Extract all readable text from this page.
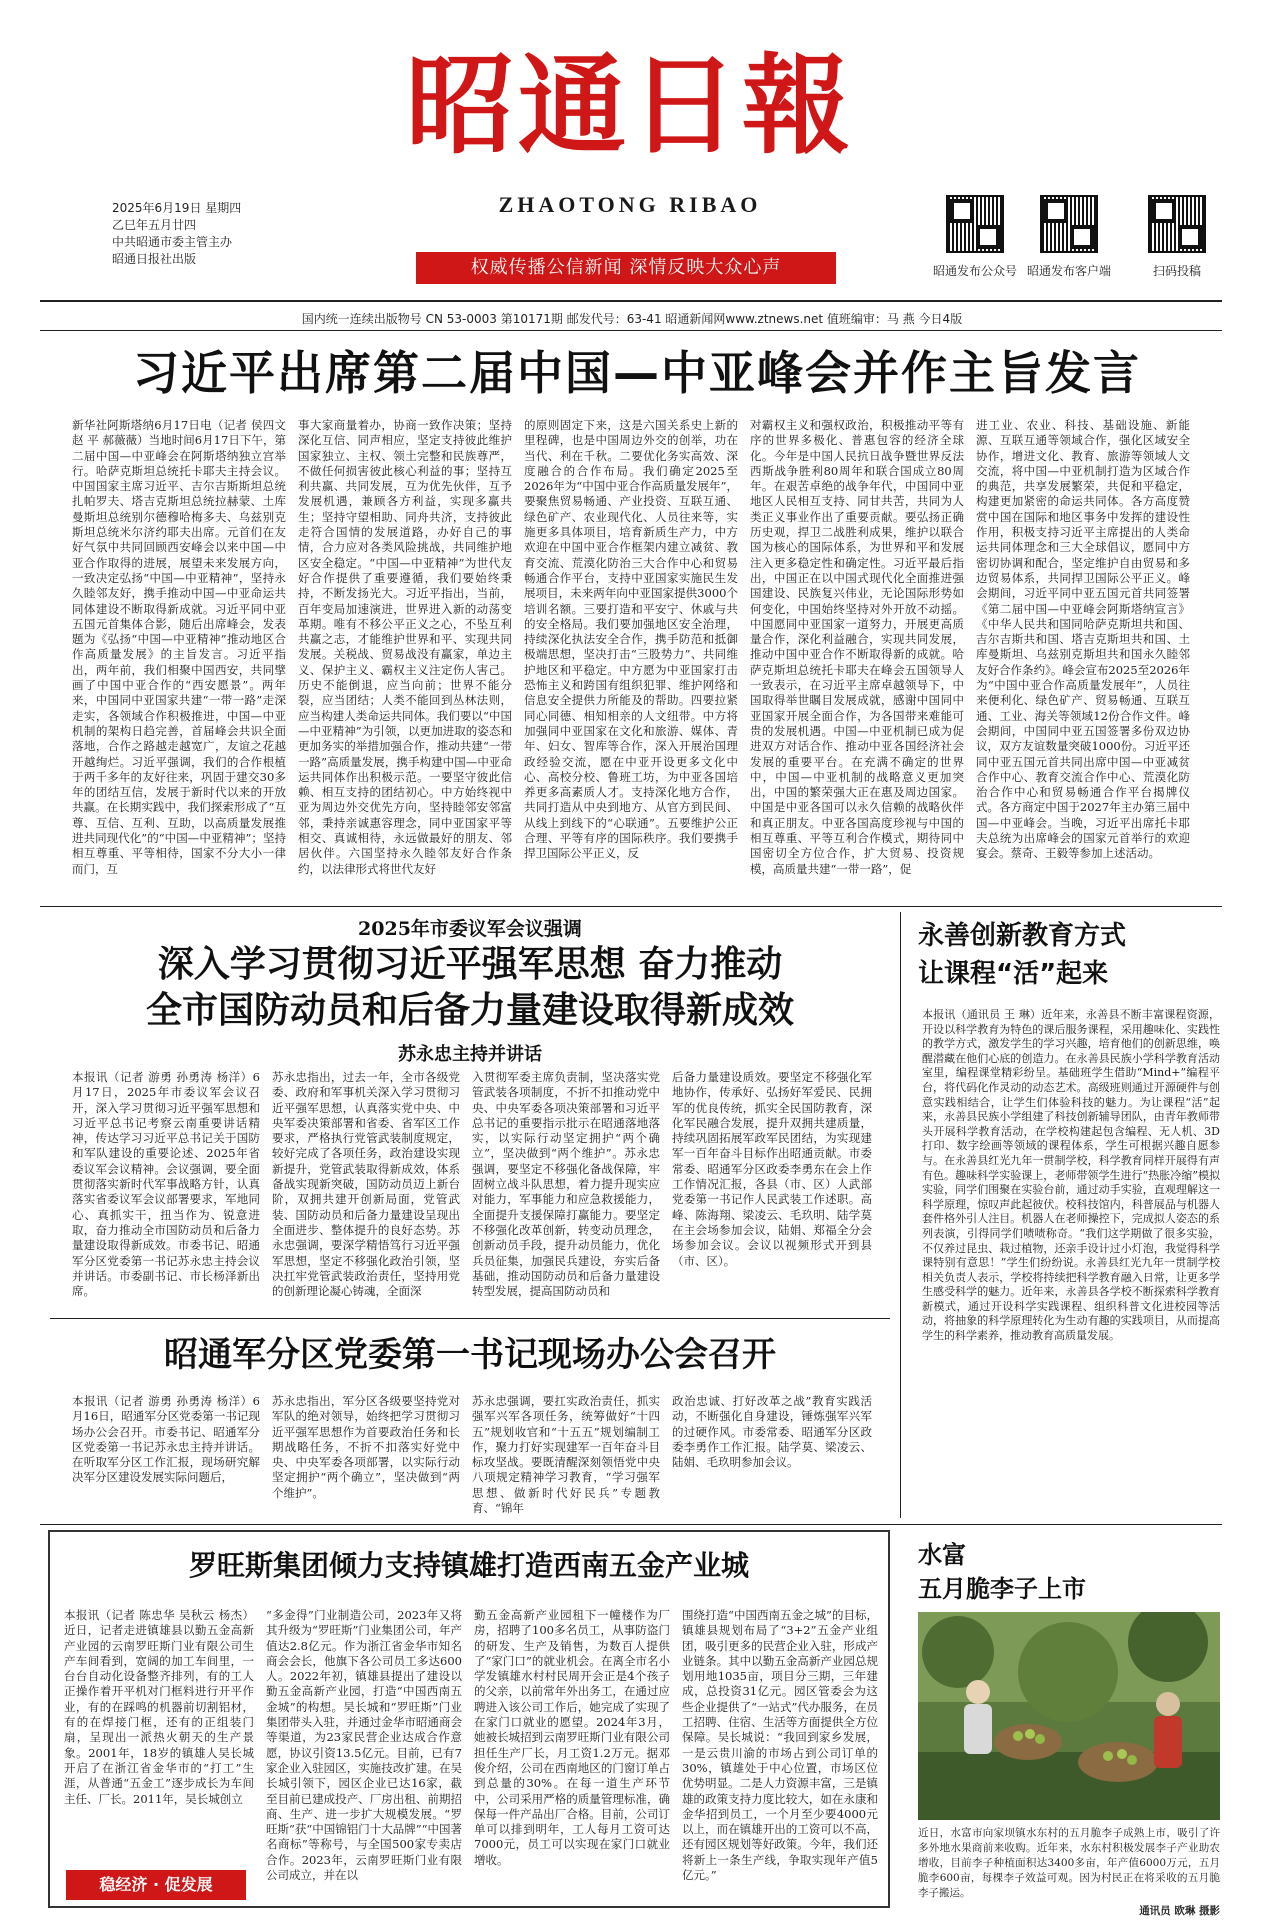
昭通日報
ZHAOTONG RIBAO
权威传播公信新闻 深情反映大众心声
2025年6月19日 星期四
乙巳年五月廿四
中共昭通市委主管主办
昭通日报社出版
昭通发布公众号 昭通发布客户端	扫码投稿
国内统一连续出版物号 CN 53-0003 第10171期 邮发代号：63-41 昭通新闻网www.ztnews.net 值班编审：马 燕 今日4版
习近平出席第二届中国—中亚峰会并作主旨发言
新华社阿斯塔纳6月17日电（记者 侯四文 赵 平 郝薇薇）当地时间6月17日下午，第二届中国—中亚峰会在阿斯塔纳独立宫举行。哈萨克斯坦总统托卡耶夫主持会议。中国国家主席习近平、吉尔吉斯斯坦总统扎帕罗夫、塔吉克斯坦总统拉赫蒙、土库曼斯坦总统别尔德穆哈梅多夫、乌兹别克斯坦总统米尔济约耶夫出席。元首们在友好气氛中共同回顾西安峰会以来中国—中亚合作取得的进展，展望未来发展方向，一致决定弘扬“中国—中亚精神”，坚持永久睦邻友好，携手推动中国—中亚命运共同体建设不断取得新成就。习近平同中亚五国元首集体合影，随后出席峰会，发表题为《弘扬“中国—中亚精神”推动地区合作高质量发展》的主旨发言。习近平指出，两年前，我们相聚中国西安，共同擘画了中国中亚合作的“西安愿景”。两年来，中国同中亚国家共建“一带一路”走深走实，各领域合作积极推进，中国—中亚机制的架构日趋完善，首届峰会共识全面落地，合作之路越走越宽广，友谊之花越开越绚烂。习近平强调，我们的合作根植于两千多年的友好往来，巩固于建交30多年的团结互信，发展于新时代以来的开放共赢。在长期实践中，我们探索形成了“互尊、互信、互利、互助，以高质量发展推进共同现代化”的“中国—中亚精神”；坚持相互尊重、平等相待，国家不分大小一律而门，互
事大家商量着办，协商一致作决策；坚持深化互信、同声相应，坚定支持彼此维护国家独立、主权、领土完整和民族尊严，不做任何损害彼此核心利益的事；坚持互利共赢、共同发展，互为优先伙伴，互予发展机遇，兼顾各方利益，实现多赢共生；坚持守望相助、同舟共济，支持彼此走符合国情的发展道路，办好自己的事情，合力应对各类风险挑战，共同维护地区安全稳定。“中国—中亚精神”为世代友好合作提供了重要遵循，我们要始终秉持，不断发扬光大。习近平指出，当前，百年变局加速演进，世界进入新的动荡变革期。唯有不移公平正义之心，不坠互利共赢之志，才能维护世界和平、实现共同发展。关税战、贸易战没有赢家，单边主义、保护主义、霸权主义注定伤人害己。历史不能倒退，应当向前；世界不能分裂，应当团结；人类不能回到丛林法则，应当构建人类命运共同体。我们要以“中国—中亚精神”为引领，以更加进取的姿态和更加务实的举措加强合作，推动共建“一带一路”高质量发展，携手构建中国—中亚命运共同体作出积极示范。一要坚守彼此信赖、相互支持的团结初心。中方始终视中亚为周边外交优先方向，坚持睦邻安邻富邻，秉持亲诚惠容理念，同中亚国家平等相交、真诚相待，永远做最好的朋友、邻居伙伴。六国坚持永久睦邻友好合作条约，以法律形式将世代友好
的原则固定下来，这是六国关系史上新的里程碑，也是中国周边外交的创举，功在当代、利在千秋。二要优化务实高效、深度融合的合作布局。我们确定2025至2026年为“中国中亚合作高质量发展年”，要聚焦贸易畅通、产业投资、互联互通、绿色矿产、农业现代化、人员往来等，实施更多具体项目，培育新质生产力，中方欢迎在中国中亚合作框架内建立减贫、教育交流、荒漠化防治三大合作中心和贸易畅通合作平台，支持中亚国家实施民生发展项目，未来两年向中亚国家提供3000个培训名额。三要打造和平安宁、休戚与共的安全格局。我们要加强地区安全治理，持续深化执法安全合作，携手防范和抵御极端思想，坚决打击“三股势力”、共同维护地区和平稳定。中方愿为中亚国家打击恐怖主义和跨国有组织犯罪、维护网络和信息安全提供力所能及的帮助。四要拉紧同心同德、相知相亲的人文纽带。中方将加强同中亚国家在文化和旅游、媒体、青年、妇女、智库等合作，深入开展治国理政经验交流，愿在中亚开设更多文化中心、高校分校、鲁班工坊，为中亚各国培养更多高素质人才。支持深化地方合作，共同打造从中央到地方、从官方到民间、从线上到线下的“心联通”。五要维护公正合理、平等有序的国际秩序。我们要携手捍卫国际公平正义，反
对霸权主义和强权政治，积极推动平等有序的世界多极化、普惠包容的经济全球化。今年是中国人民抗日战争暨世界反法西斯战争胜利80周年和联合国成立80周年。在艰苦卓绝的战争年代，中国同中亚地区人民相互支持、同甘共苦，共同为人类正义事业作出了重要贡献。要弘扬正确历史观，捍卫二战胜利成果，维护以联合国为核心的国际体系，为世界和平和发展注入更多稳定性和确定性。习近平最后指出，中国正在以中国式现代化全面推进强国建设、民族复兴伟业，无论国际形势如何变化，中国始终坚持对外开放不动摇。中国愿同中亚国家一道努力，开展更高质量合作，深化利益融合，实现共同发展，推动中国中亚合作不断取得新的成就。哈萨克斯坦总统托卡耶夫在峰会五国领导人一致表示，在习近平主席卓越领导下，中国取得举世瞩目发展成就，感谢中国同中亚国家开展全面合作，为各国带来难能可贵的发展机遇。中国—中亚机制已成为促进双方对话合作、推动中亚各国经济社会发展的重要平台。在充满不确定的世界中，中国—中亚机制的战略意义更加突出，中国的繁荣强大正在惠及周边国家。中国是中亚各国可以永久信赖的战略伙伴和真正朋友。中亚各国高度珍视与中国的相互尊重、平等互利合作模式，期待同中国密切全方位合作，扩大贸易、投资规模，高质量共建“一带一路”，促
进工业、农业、科技、基础设施、新能源、互联互通等领域合作，强化区域安全协作，增进文化、教育、旅游等领域人文交流，将中国—中亚机制打造为区域合作的典范，共享发展繁荣，共促和平稳定，构建更加紧密的命运共同体。各方高度赞赏中国在国际和地区事务中发挥的建设性作用，积极支持习近平主席提出的人类命运共同体理念和三大全球倡议，愿同中方密切协调和配合，坚定维护自由贸易和多边贸易体系，共同捍卫国际公平正义。峰会期间，习近平同中亚五国元首共同签署《第二届中国—中亚峰会阿斯塔纳宣言》《中华人民共和国同哈萨克斯坦共和国、吉尔吉斯共和国、塔吉克斯坦共和国、土库曼斯坦、乌兹别克斯坦共和国永久睦邻友好合作条约》。峰会宣布2025至2026年为“中国中亚合作高质量发展年”，人员往来便利化、绿色矿产、贸易畅通、互联互通、工业、海关等领域12份合作文件。峰会期间，中国同中亚五国签署多份双边协议，双方友谊数量突破1000份。习近平还同中亚五国元首共同出席中国—中亚减贫合作中心、教育交流合作中心、荒漠化防治合作中心和贸易畅通合作平台揭牌仪式。各方商定中国于2027年主办第三届中国—中亚峰会。当晚，习近平出席托卡耶夫总统为出席峰会的国家元首举行的欢迎宴会。蔡奇、王毅等参加上述活动。
2025年市委议军会议强调
深入学习贯彻习近平强军思想 奋力推动
全市国防动员和后备力量建设取得新成效
苏永忠主持并讲话
本报讯（记者 游勇 孙勇涛 杨洋）6月17日，2025年市委议军会议召开，深入学习贯彻习近平强军思想和习近平总书记考察云南重要讲话精神，传达学习习近平总书记关于国防和军队建设的重要论述、2025年省委议军会议精神。会议强调，要全面贯彻落实新时代军事战略方针，认真落实省委议军会议部署要求，军地同心、真抓实干，扭当作为、锐意进取，奋力推动全市国防动员和后备力量建设取得新成效。市委书记、昭通军分区党委第一书记苏永忠主持会议并讲话。市委副书记、市长杨泽新出席。
苏永忠指出，过去一年，全市各级党委、政府和军事机关深入学习贯彻习近平强军思想，认真落实党中央、中央军委决策部署和省委、省军区工作要求，严格执行党管武装制度规定，较好完成了各项任务，政治建设实现新提升，党管武装取得新成效，体系备战实现新突破，国防动员迈上新台阶，双拥共建开创新局面，党管武装、国防动员和后备力量建设呈现出全面进步、整体提升的良好态势。苏永忠强调，要深学精悟笃行习近平强军思想，坚定不移强化政治引领，坚决扛牢党管武装政治责任，坚持用党的创新理论凝心铸魂，全面深
入贯彻军委主席负责制，坚决落实党管武装各项制度，不折不扣推动党中央、中央军委各项决策部署和习近平总书记的重要指示批示在昭通落地落实，以实际行动坚定拥护“两个确立”，坚决做到“两个维护”。苏永忠强调，要坚定不移强化备战保障，牢固树立战斗队思想，着力提升现实应对能力，军事能力和应急救援能力，全面提升支援保障打赢能力。要坚定不移强化改革创新，转变动员理念，创新动员手段，提升动员能力，优化兵员征集，加强民兵建设，夯实后备基础，推动国防动员和后备力量建设转型发展，提高国防动员和
后备力量建设质效。要坚定不移强化军地协作，传承好、弘扬好军爱民、民拥军的优良传统，抓实全民国防教育，深化军民融合发展，提升双拥共建质量，持续巩固拓展军政军民团结，为实现建军一百年奋斗目标作出昭通贡献。市委常委、昭通军分区政委李勇东在会上作工作情况汇报，各县（市、区）人武部党委第一书记作人民武装工作述职。高峰、陈海翔、梁凌云、毛玖明、陆学莫在主会场参加会议，陆娟、郑福全分会场参加会议。会议以视频形式开到县（市、区）。
昭通军分区党委第一书记现场办公会召开
本报讯（记者 游勇 孙勇涛 杨洋）6月16日，昭通军分区党委第一书记现场办公会召开。市委书记、昭通军分区党委第一书记苏永忠主持并讲话。在听取军分区工作汇报，现场研究解决军分区建设发展实际问题后，
苏永忠指出，军分区各级要坚持党对军队的绝对领导，始终把学习贯彻习近平强军思想作为首要政治任务和长期战略任务，不折不扣落实好党中央、中央军委各项部署，以实际行动坚定拥护“两个确立”，坚决做到“两个维护”。
苏永忠强调，要扛实政治责任，抓实强军兴军各项任务，统筹做好“十四五”规划收官和“十五五”规划编制工作，聚力打好实现建军一百年奋斗目标攻坚战。要既清醒深刻领悟党中央八项规定精神学习教育，“学习强军思想、做新时代好民兵”专题教育、“锦年
政治忠诚、打好改革之战”教育实践活动，不断强化自身建设，锤炼强军兴军的过硬作风。市委常委、昭通军分区政委李勇作工作汇报。陆学莫、梁凌云、陆娟、毛玖明参加会议。
永善创新教育方式
让课程“活”起来
本报讯（通讯员 王 琳）近年来，永善县不断丰富课程资源，开设以科学教育为特色的课后服务课程，采用趣味化、实践性的教学方式，激发学生的学习兴趣，培育他们的创新思维，唤醒潜藏在他们心底的创造力。在永善县民族小学科学教育活动室里，编程课堂精彩纷呈。基础班学生借助“Mind+”编程平台，将代码化作灵动的动态艺术。高级班则通过开源硬件与创意实践相结合，让学生们体验科技的魅力。为让课程“活”起来，永善县民族小学组建了科技创新辅导团队，由青年教师带头开展科学教育活动，在学校构建起包含编程、无人机、3D打印、数字绘画等领域的课程体系，学生可根据兴趣自愿参与。在永善县红光九年一贯制学校，科学教育同样开展得有声有色。趣味科学实验课上，老师带领学生进行“热胀冷缩”模拟实验，同学们围聚在实验台前，通过动手实验，直观理解这一科学原理，惊叹声此起彼伏。校科技馆内，科普展品与机器人套件格外引人注目。机器人在老师操控下，完成拟人姿态的系列表演，引得同学们啧啧称奇。“我们这学期做了很多实验，不仅养过昆虫、栽过植物，还亲手设计过小灯泡，我觉得科学课特别有意思！”学生们纷纷说。永善县红光九年一贯制学校相关负责人表示，学校将持续把科学教育融入日常，让更多学生感受科学的魅力。近年来，永善县各学校不断探索科学教育新模式，通过开设科学实践课程、组织科普文化进校园等活动，将抽象的科学原理转化为生动有趣的实践项目，从而提高学生的科学素养，推动教育高质量发展。
罗旺斯集团倾力支持镇雄打造西南五金产业城
本报讯（记者 陈忠华 吴秋云 杨杰）近日，记者走进镇雄县以勤五金高新产业园的云南罗旺斯门业有限公司生产车间看到，宽阔的加工车间里，一台台自动化设备整齐排列，有的工人正操作着开平机对门框料进行开平作业，有的在踩鸣的机器前切割铝材，有的在焊接门框，还有的正组装门扇，呈现出一派热火朝天的生产景象。2001年，18岁的镇雄人吴长城开启了在浙江省金华市的“打工”生涯，从普通“五金工”逐步成长为车间主任、厂长。2011年，吴长城创立
“多金得”门业制造公司，2023年又将其升级为“罗旺斯”门业集团公司，年产值达2.8亿元。作为浙江省金华市知名商会会长，他旗下各公司员工多达600人。2022年初，镇雄县提出了建设以勤五金高新产业园，打造“中国西南五金城”的构想。吴长城和“罗旺斯”门业集团带头入驻，并通过金华市昭通商会等渠道，为23家民营企业达成合作意愿，协议引资13.5亿元。目前，已有7家企业入驻园区，实施技改扩建。在吴长城引领下，园区企业已达16家，截至目前已建成投产、厂房出租、前期招商、生产、进一步扩大规模发展。“罗旺斯”获“中国锦铝门十大品牌”“中国著名商标”等称号，与全国500家专卖店合作。2023年，云南罗旺斯门业有限公司成立，并在以
勤五金高新产业园租下一幢楼作为厂房，招聘了100多名员工，从事防盗门的研发、生产及销售，为数百人提供了“家门口”的就业机会。在离全市名小学发镇雄水村村民周开会正是4个孩子的父亲，以前常年外出务工，在通过应聘进入该公司工作后，她完成了实现了在家门口就业的愿望。2024年3月，她被长城招到云南罗旺斯门业有限公司担任生产厂长，月工资1.2万元。据邓俊介绍，公司在西南地区的门窗订单占到总量的30%。在每一道生产环节中，公司采用严格的质量管理标准，确保每一件产品出厂合格。目前，公司订单可以排到明年，工人每月工资可达7000元，员工可以实现在家门口就业增收。
围绕打造“中国西南五金之城”的目标，镇雄县规划布局了“3+2”五金产业组团，吸引更多的民营企业入驻，形成产业链条。其中以勤五金高新产业园总规划用地1035亩，项目分三期，三年建成，总投资31亿元。园区管委会为这些企业提供了“一站式”代办服务，在员工招聘、住宿、生活等方面提供全方位保障。吴长城说：“我回到家乡发展，一是云贵川渝的市场占到公司订单的30%，镇雄处于中心位置，市场区位优势明显。二是人力资源丰富，三是镇雄的政策支持力度比较大，如在永康和金华招到员工，一个月至少要4000元以上，而在镇雄开出的工资可以不高，还有园区规划等好政策。今年，我们还将新上一条生产线，争取实现年产值5亿元。”
稳经济 · 促发展
水富
五月脆李子上市
近日，水富市向家坝镇水东村的五月脆李子成熟上市，吸引了许多外地水果商前来收购。近年来，水东村积极发展李子产业助农增收，目前李子种植面积达3400多亩，年产值6000万元，五月脆李600亩，每棵李子效益可观。因为村民正在将采收的五月脆李子搬运。
通讯员 欧琳 摄影
